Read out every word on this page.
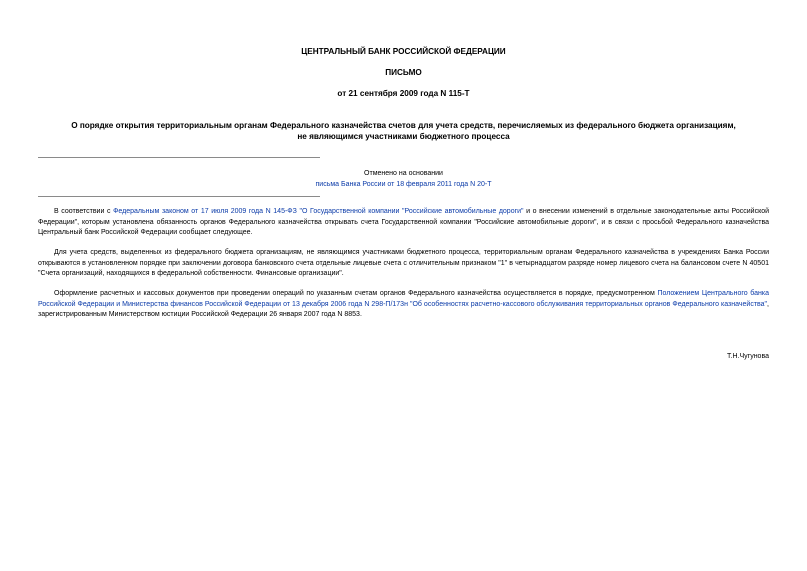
ЦЕНТРАЛЬНЫЙ БАНК РОССИЙСКОЙ ФЕДЕРАЦИИ

ПИСЬМО

от 21 сентября 2009 года N 115-Т

О порядке открытия территориальным органам Федерального казначейства счетов для учета средств, перечисляемых из федерального бюджета организациям,
не являющимся участниками бюджетного процесса
Отменено на основании
письма Банка России от 18 февраля 2011 года N 20-Т

В соответствии с Федеральным законом от 17 июля 2009 года N 145-ФЗ "О Государственной компании "Российские автомобильные дороги" и о внесении изменений в отдельные законодательные акты Российской Федерации", которым установлена обязанность органов Федерального казначейства открывать счета Государственной компании "Российские автомобильные дороги", и в связи с просьбой Федерального казначейства Центральный банк Российской Федерации сообщает следующее.

Для учета средств, выделенных из федерального бюджета организациям, не являющимся участниками бюджетного процесса, территориальным органам Федерального казначейства в учреждениях Банка России открываются в установленном порядке при заключении договора банковского счета отдельные лицевые счета с отличительным признаком "1" в четырнадцатом разряде номер лицевого счета на балансовом счете N 40501 "Счета организаций, находящихся в федеральной собственности. Финансовые организации".

Оформление расчетных и кассовых документов при проведении операций по указанным счетам органов Федерального казначейства осуществляется в порядке, предусмотренном Положением Центрального банка Российской Федерации и Министерства финансов Российской Федерации от 13 декабря 2006 года N 298-П/173н "Об особенностях расчетно-кассового обслуживания территориальных органов Федерального казначейства", зарегистрированным Министерством юстиции Российской Федерации 26 января 2007 года N 8853.

Т.Н.Чугунова
